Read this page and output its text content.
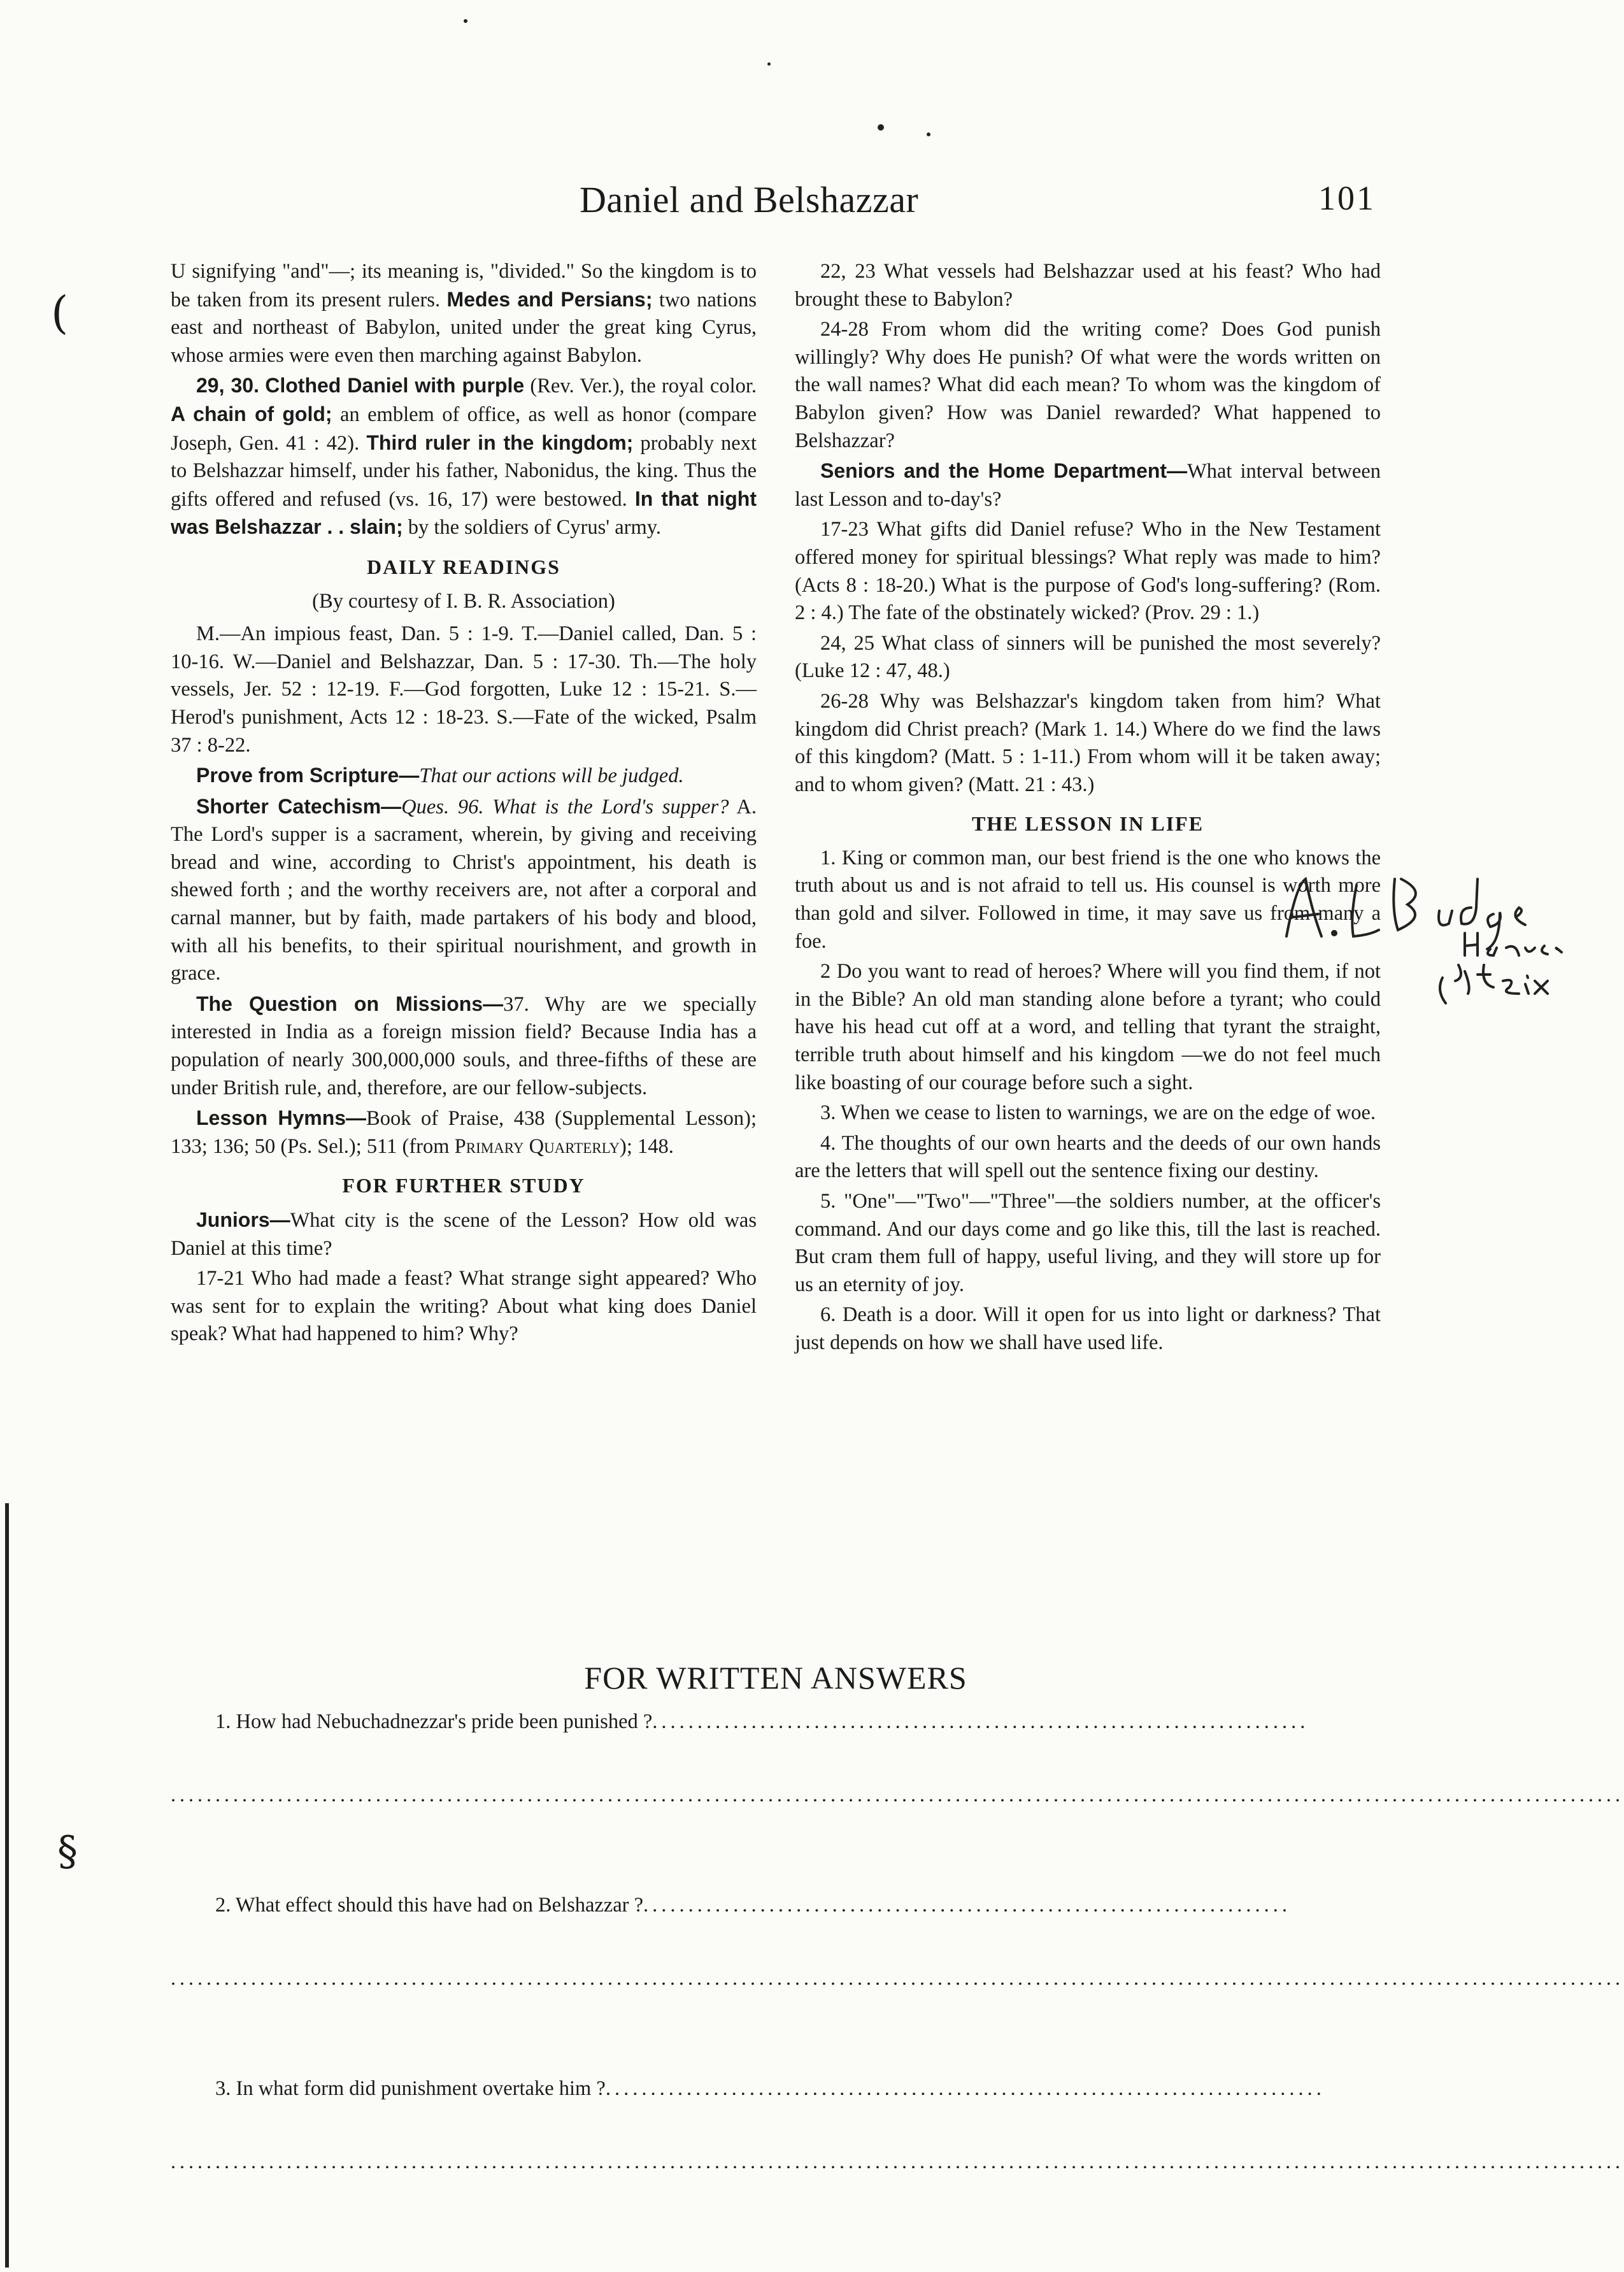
(
§
Daniel and Belshazzar	101

U signifying "and"—; its meaning is, "divided." So the kingdom is to be taken from its present rulers. Medes and Persians; two nations east and northeast of Babylon, united under the great king Cyrus, whose armies were even then marching against Babylon.

29, 30. Clothed Daniel with purple (Rev. Ver.), the royal color. A chain of gold; an emblem of office, as well as honor (compare Joseph, Gen. 41 : 42). Third ruler in the kingdom; probably next to Belshazzar himself, under his father, Nabonidus, the king. Thus the gifts offered and refused (vs. 16, 17) were bestowed. In that night was Belshazzar . . slain; by the soldiers of Cyrus' army.

DAILY READINGS
(By courtesy of I. B. R. Association)

M.—An impious feast, Dan. 5 : 1-9. T.—Daniel called, Dan. 5 : 10-16. W.—Daniel and Belshazzar, Dan. 5 : 17-30. Th.—The holy vessels, Jer. 52 : 12-19. F.—God forgotten, Luke 12 : 15-21. S.—Herod's punishment, Acts 12 : 18-23. S.—Fate of the wicked, Psalm 37 : 8-22.

Prove from Scripture—That our actions will be judged.

Shorter Catechism—Ques. 96. What is the Lord's supper? A. The Lord's supper is a sacrament, wherein, by giving and receiving bread and wine, according to Christ's appointment, his death is shewed forth ; and the worthy receivers are, not after a corporal and carnal manner, but by faith, made partakers of his body and blood, with all his benefits, to their spiritual nourishment, and growth in grace.

The Question on Missions—37. Why are we specially interested in India as a foreign mission field? Because India has a population of nearly 300,000,000 souls, and three-fifths of these are under British rule, and, therefore, are our fellow-subjects.

Lesson Hymns—Book of Praise, 438 (Supplemental Lesson); 133; 136; 50 (Ps. Sel.); 511 (from Primary Quarterly); 148.

FOR FURTHER STUDY

Juniors—What city is the scene of the Lesson? How old was Daniel at this time?

17-21 Who had made a feast? What strange sight appeared? Who was sent for to explain the writing? About what king does Daniel speak? What had happened to him? Why?

22, 23 What vessels had Belshazzar used at his feast? Who had brought these to Babylon?

24-28 From whom did the writing come? Does God punish willingly? Why does He punish? Of what were the words written on the wall names? What did each mean? To whom was the kingdom of Babylon given? How was Daniel rewarded? What happened to Belshazzar?

Seniors and the Home Department—What interval between last Lesson and to-day's?

17-23 What gifts did Daniel refuse? Who in the New Testament offered money for spiritual blessings? What reply was made to him? (Acts 8 : 18-20.) What is the purpose of God's long-suffering? (Rom. 2 : 4.) The fate of the obstinately wicked? (Prov. 29 : 1.)

24, 25 What class of sinners will be punished the most severely? (Luke 12 : 47, 48.)

26-28 Why was Belshazzar's kingdom taken from him? What kingdom did Christ preach? (Mark 1. 14.) Where do we find the laws of this kingdom? (Matt. 5 : 1-11.) From whom will it be taken away; and to whom given? (Matt. 21 : 43.)

THE LESSON IN LIFE

1. King or common man, our best friend is the one who knows the truth about us and is not afraid to tell us. His counsel is worth more than gold and silver. Followed in time, it may save us from many a foe.

2 Do you want to read of heroes? Where will you find them, if not in the Bible? An old man standing alone before a tyrant; who could have his head cut off at a word, and telling that tyrant the straight, terrible truth about himself and his kingdom —we do not feel much like boasting of our courage before such a sight.

3. When we cease to listen to warnings, we are on the edge of woe.

4. The thoughts of our own hearts and the deeds of our own hands are the letters that will spell out the sentence fixing our destiny.

5. "One"—"Two"—"Three"—the soldiers number, at the officer's command. And our days come and go like this, till the last is reached. But cram them full of happy, useful living, and they will store up for us an eternity of joy.

6. Death is a door. Will it open for us into light or darkness? That just depends on how we shall have used life.

FOR WRITTEN ANSWERS
1. How had Nebuchadnezzar's pride been punished ?.........................................................................
...................................................................................................................................................................
2. What effect should this have had on Belshazzar ?........................................................................
...................................................................................................................................................................
3. In what form did punishment overtake him ?................................................................................
...................................................................................................................................................................
